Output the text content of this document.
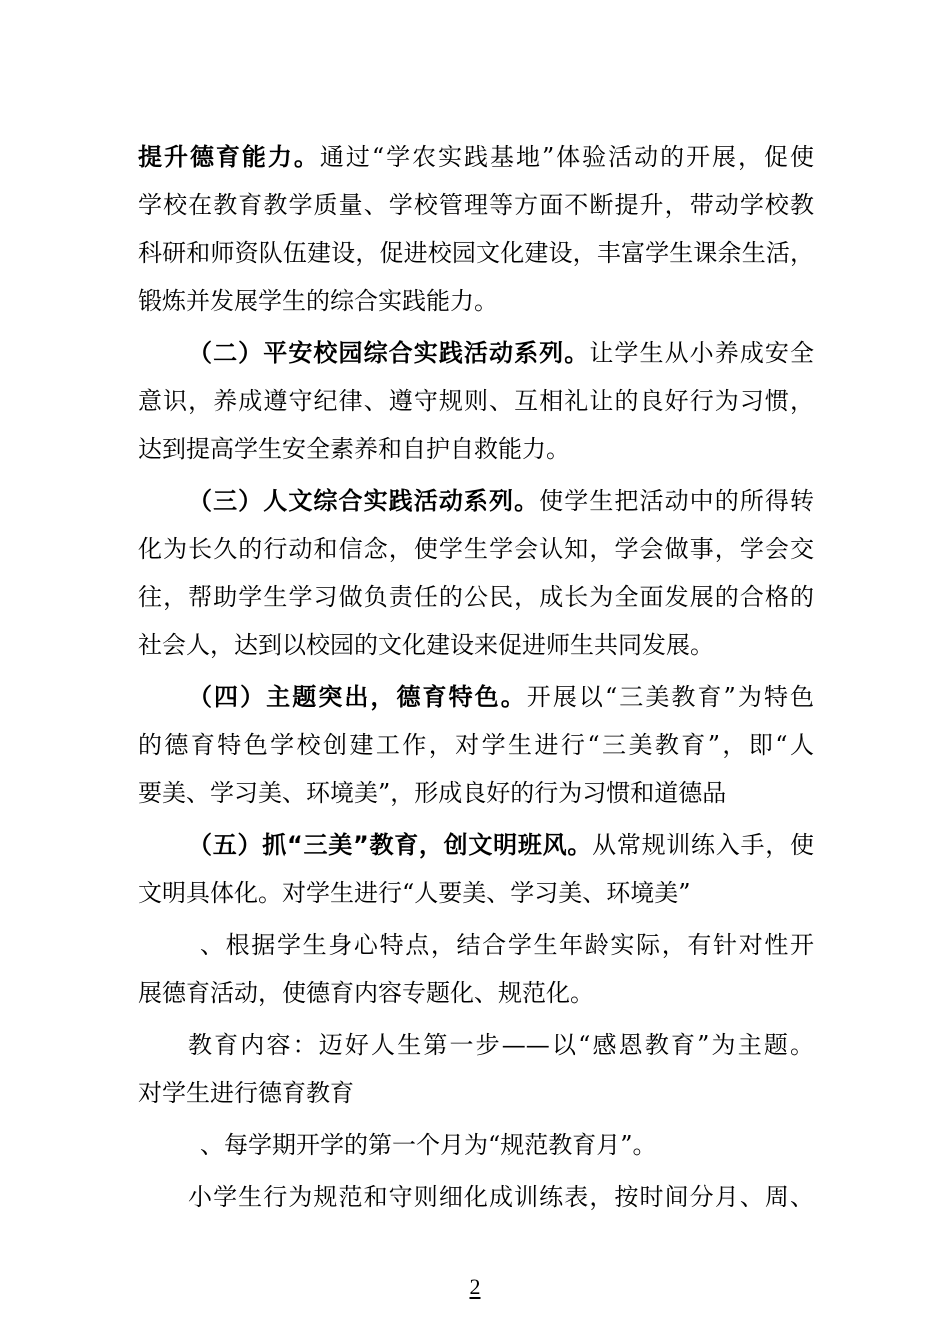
提升德育能力。通过“学农实践基地”体验活动的开展，促使
学校在教育教学质量、学校管理等方面不断提升，带动学校教
科研和师资队伍建设，促进校园文化建设，丰富学生课余生活，
锻炼并发展学生的综合实践能力。
（二）平安校园综合实践活动系列。让学生从小养成安全
意识，养成遵守纪律、遵守规则、互相礼让的良好行为习惯，
达到提高学生安全素养和自护自救能力。
（三）人文综合实践活动系列。使学生把活动中的所得转
化为长久的行动和信念，使学生学会认知，学会做事，学会交
往，帮助学生学习做负责任的公民，成长为全面发展的合格的
社会人，达到以校园的文化建设来促进师生共同发展。
（四）主题突出，德育特色。开展以“三美教育”为特色
的德育特色学校创建工作，对学生进行“三美教育”，即“人
要美、学习美、环境美”，形成良好的行为习惯和道德品
（五）抓“三美”教育，创文明班风。从常规训练入手，使
文明具体化。对学生进行“人要美、学习美、环境美”
、根据学生身心特点，结合学生年龄实际，有针对性开
展德育活动，使德育内容专题化、规范化。
教育内容：迈好人生第一步——以“感恩教育”为主题。
对学生进行德育教育
、每学期开学的第一个月为“规范教育月”。
小学生行为规范和守则细化成训练表，按时间分月、周、
2
